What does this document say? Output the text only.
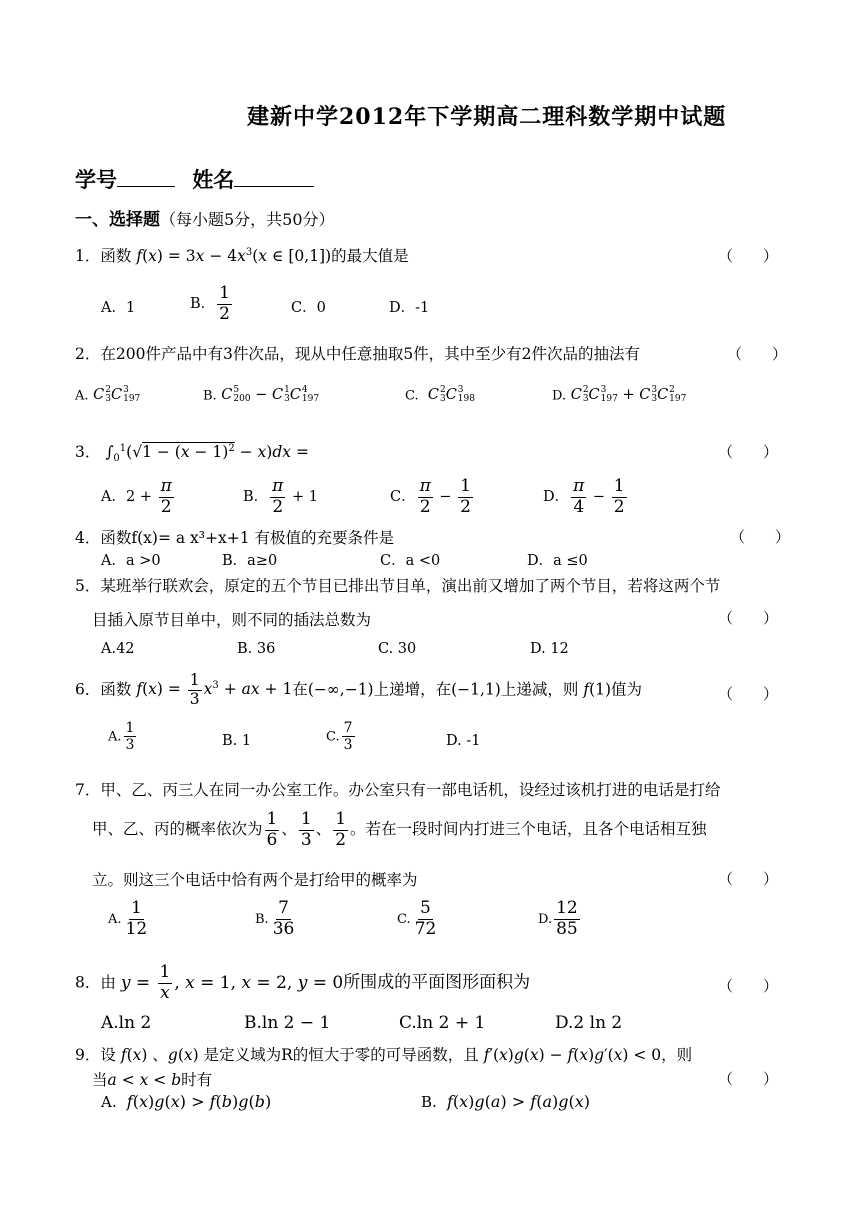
建新中学2012年下学期高二理科数学期中试题
学号	姓名
一、选择题（每小题5分，共50分）
1．函数 $f(x) = 3x - 4x^3(x$ ∈ [0,1])的最大值是	（　　）
A．1	B． $\frac{1}{2}$	C．0	D．-1
2．在200件产品中有3件次品，现从中任意抽取5件，其中至少有2件次品的抽法有	（　　）
A. C 2
3 C 3
197	B. C 5
200 − C 1
3 C 4
197	C. C 2
3 C 3
198	D. C 2
3 C 3
197 + C 3
3 C 2
197
3． $\int_0^1(√1 - (x - 1)^2 - x)dx$ =	（　　）
A．$2 + \frac{\pi}{2}$	B． $\frac{\pi}{2} + 1$	C． $\frac{\pi}{2} - \frac{1}{2}$	D． $\frac{\pi}{4} - \frac{1}{2}$
4．函数f(x)= a x³+x+1 有极值的充要条件是	（　　）
A．a >0	B．a≥0	C．a <0	D．a ≤0
5．某班举行联欢会，原定的五个节目已排出节目单，演出前又增加了两个节目，若将这两个节
目插入原节目单中，则不同的插法总数为	（　　）
A.42	B. 36	C. 30	D. 12
6．函数 $f(x) = \frac{1}{3} x^3$ + ax + 1在(−∞,−1)上递增，在(−1,1)上递减，则 f(1)值为	（　　）
A. $\frac{1}{3}$	B. 1	C. $\frac{7}{3}$	D. -1
7．甲、乙、丙三人在同一办公室工作。办公室只有一部电话机，设经过该机打进的电话是打给
甲、乙、丙的概率依次为 $\frac{1}{6}$ 、 $\frac{1}{3}$ 、 $\frac{1}{2}$ 。若在一段时间内打进三个电话，且各个电话相互独
立。则这三个电话中恰有两个是打给甲的概率为	（　　）
A. $\frac{1}{12}$	B. $\frac{7}{36}$	C. $\frac{5}{72}$	D. $\frac{12}{85}$
8．由 $y = \frac{1}{x}$ , x = 1, x = 2, y = 0所围成的平面图形面积为	（　　）
A.ln 2	B.ln 2 − 1	C.ln 2 + 1	D.2 ln 2
9．设 f(x) 、g(x) 是定义域为R的恒大于零的可导函数，且 f′(x)g(x) − f(x)g′(x) < 0，则
当a < x < b时有	（　　）
A. f(x)g(x) > f(b)g(b)	B. f(x)g(a) > f(a)g(x)
